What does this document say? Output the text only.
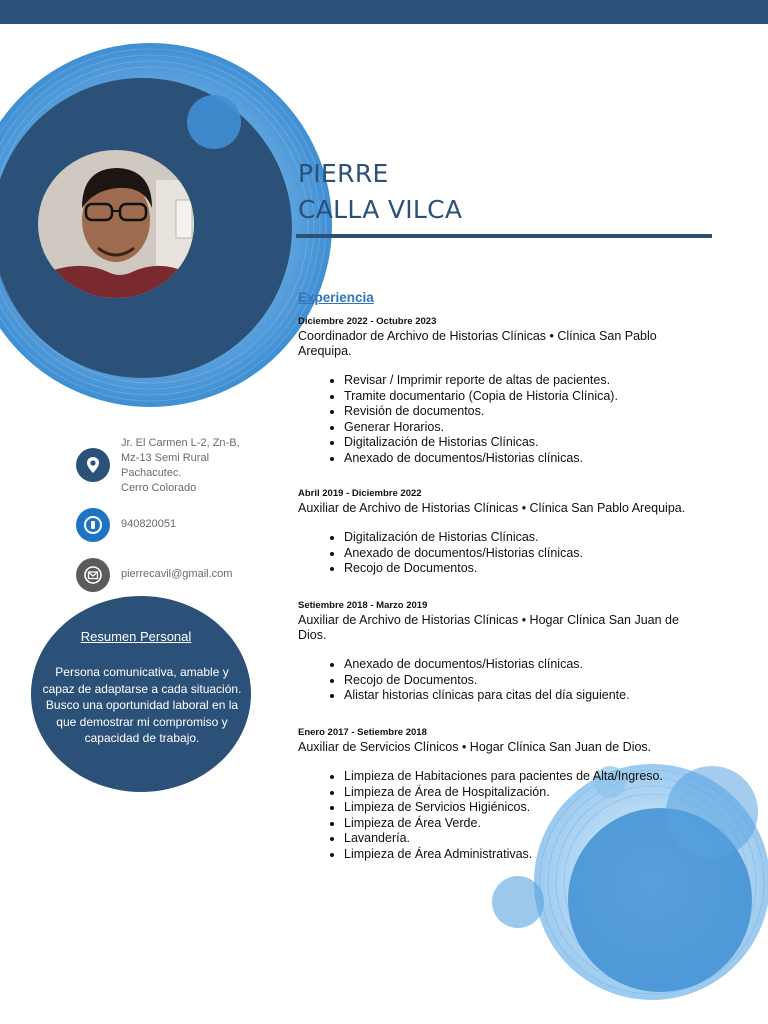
PIERRE
CALLA VILCA
Experiencia
Diciembre 2022 - Octubre 2023
Coordinador de Archivo de Historias Clínicas • Clínica San Pablo Arequipa.
• Revisar / Imprimir reporte de altas de pacientes.
• Tramite documentario (Copia de Historia Clínica).
• Revisión de documentos.
• Generar Horarios.
• Digitalización de Historias Clínicas.
• Anexado de documentos/Historias clínicas.
Abril 2019 - Diciembre 2022
Auxiliar de Archivo de Historias Clínicas • Clínica San Pablo Arequipa.
• Digitalización de Historias Clínicas.
• Anexado de documentos/Historias clínicas.
• Recojo de Documentos.
Setiembre 2018 - Marzo 2019
Auxiliar de Archivo de Historias Clínicas • Hogar Clínica San Juan de Dios.
• Anexado de documentos/Historias clínicas.
• Recojo de Documentos.
• Alistar historias clínicas para citas del día siguiente.
Enero 2017 - Setiembre 2018
Auxiliar de Servicios Clínicos • Hogar Clínica San Juan de Dios.
• Limpieza de Habitaciones para pacientes de Alta/Ingreso.
• Limpieza de Área de Hospitalización.
• Limpieza de Servicios Higiénicos.
• Limpieza de Área Verde.
• Lavandería.
• Limpieza de Área Administrativas.
Jr. El Carmen L-2, Zn-B,
Mz-13 Semi Rural
Pachacutec.
Cerro Colorado
940820051
pierrecavil@gmail.com
Resumen Personal
Persona comunicativa, amable y capaz de adaptarse a cada situación. Busco una oportunidad laboral en la que demostrar mi compromiso y capacidad de trabajo.
